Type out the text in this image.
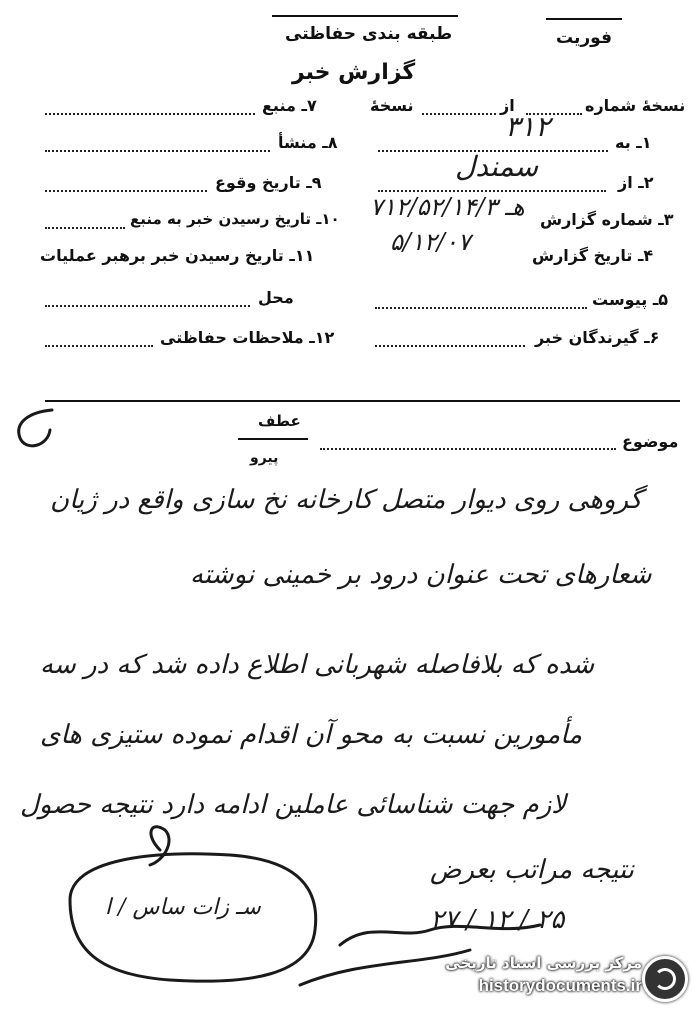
طبقه بندی حفاظتی	فوریت
گزارش خبر
نسخهٔ شماره
از
نسخهٔ
۷ـ منبع
۱ـ به
۳۱۲
۸ـ منشأ
۲ـ از
سمندل
۹ـ تاریخ وقوع
۳ـ شماره گزارش
۷۱۲/۵۲/۱۴/۳ هـ
۱۰ـ تاریخ رسیدن خبر به منبع
۴ـ تاریخ گزارش
۵/۱۲/۰۷
۱۱ـ تاریخ رسیدن خبر برهبر عملیات
۵ـ پیوست
محل
۶ـ گیرندگان خبر
۱۲ـ ملاحظات حفاظتی
عطف
پیرو
موضوع
گروهی روی دیوار متصل کارخانه نخ سازی واقع در ژیان
شعارهای تحت عنوان درود بر خمینی نوشته
شده که بلافاصله شهربانی اطلاع داده شد که در سه
مأمورین نسبت به محو آن اقدام نموده ستیزی های
لازم جهت شناسائی عاملین ادامه دارد نتیجه حصول
نتیجه مراتب بعرض
۲۷ / ۱۲ / ۲۵
سـ زات ساس / ا
مرکز بررسی اسناد تاریخی
historydocuments.ir
